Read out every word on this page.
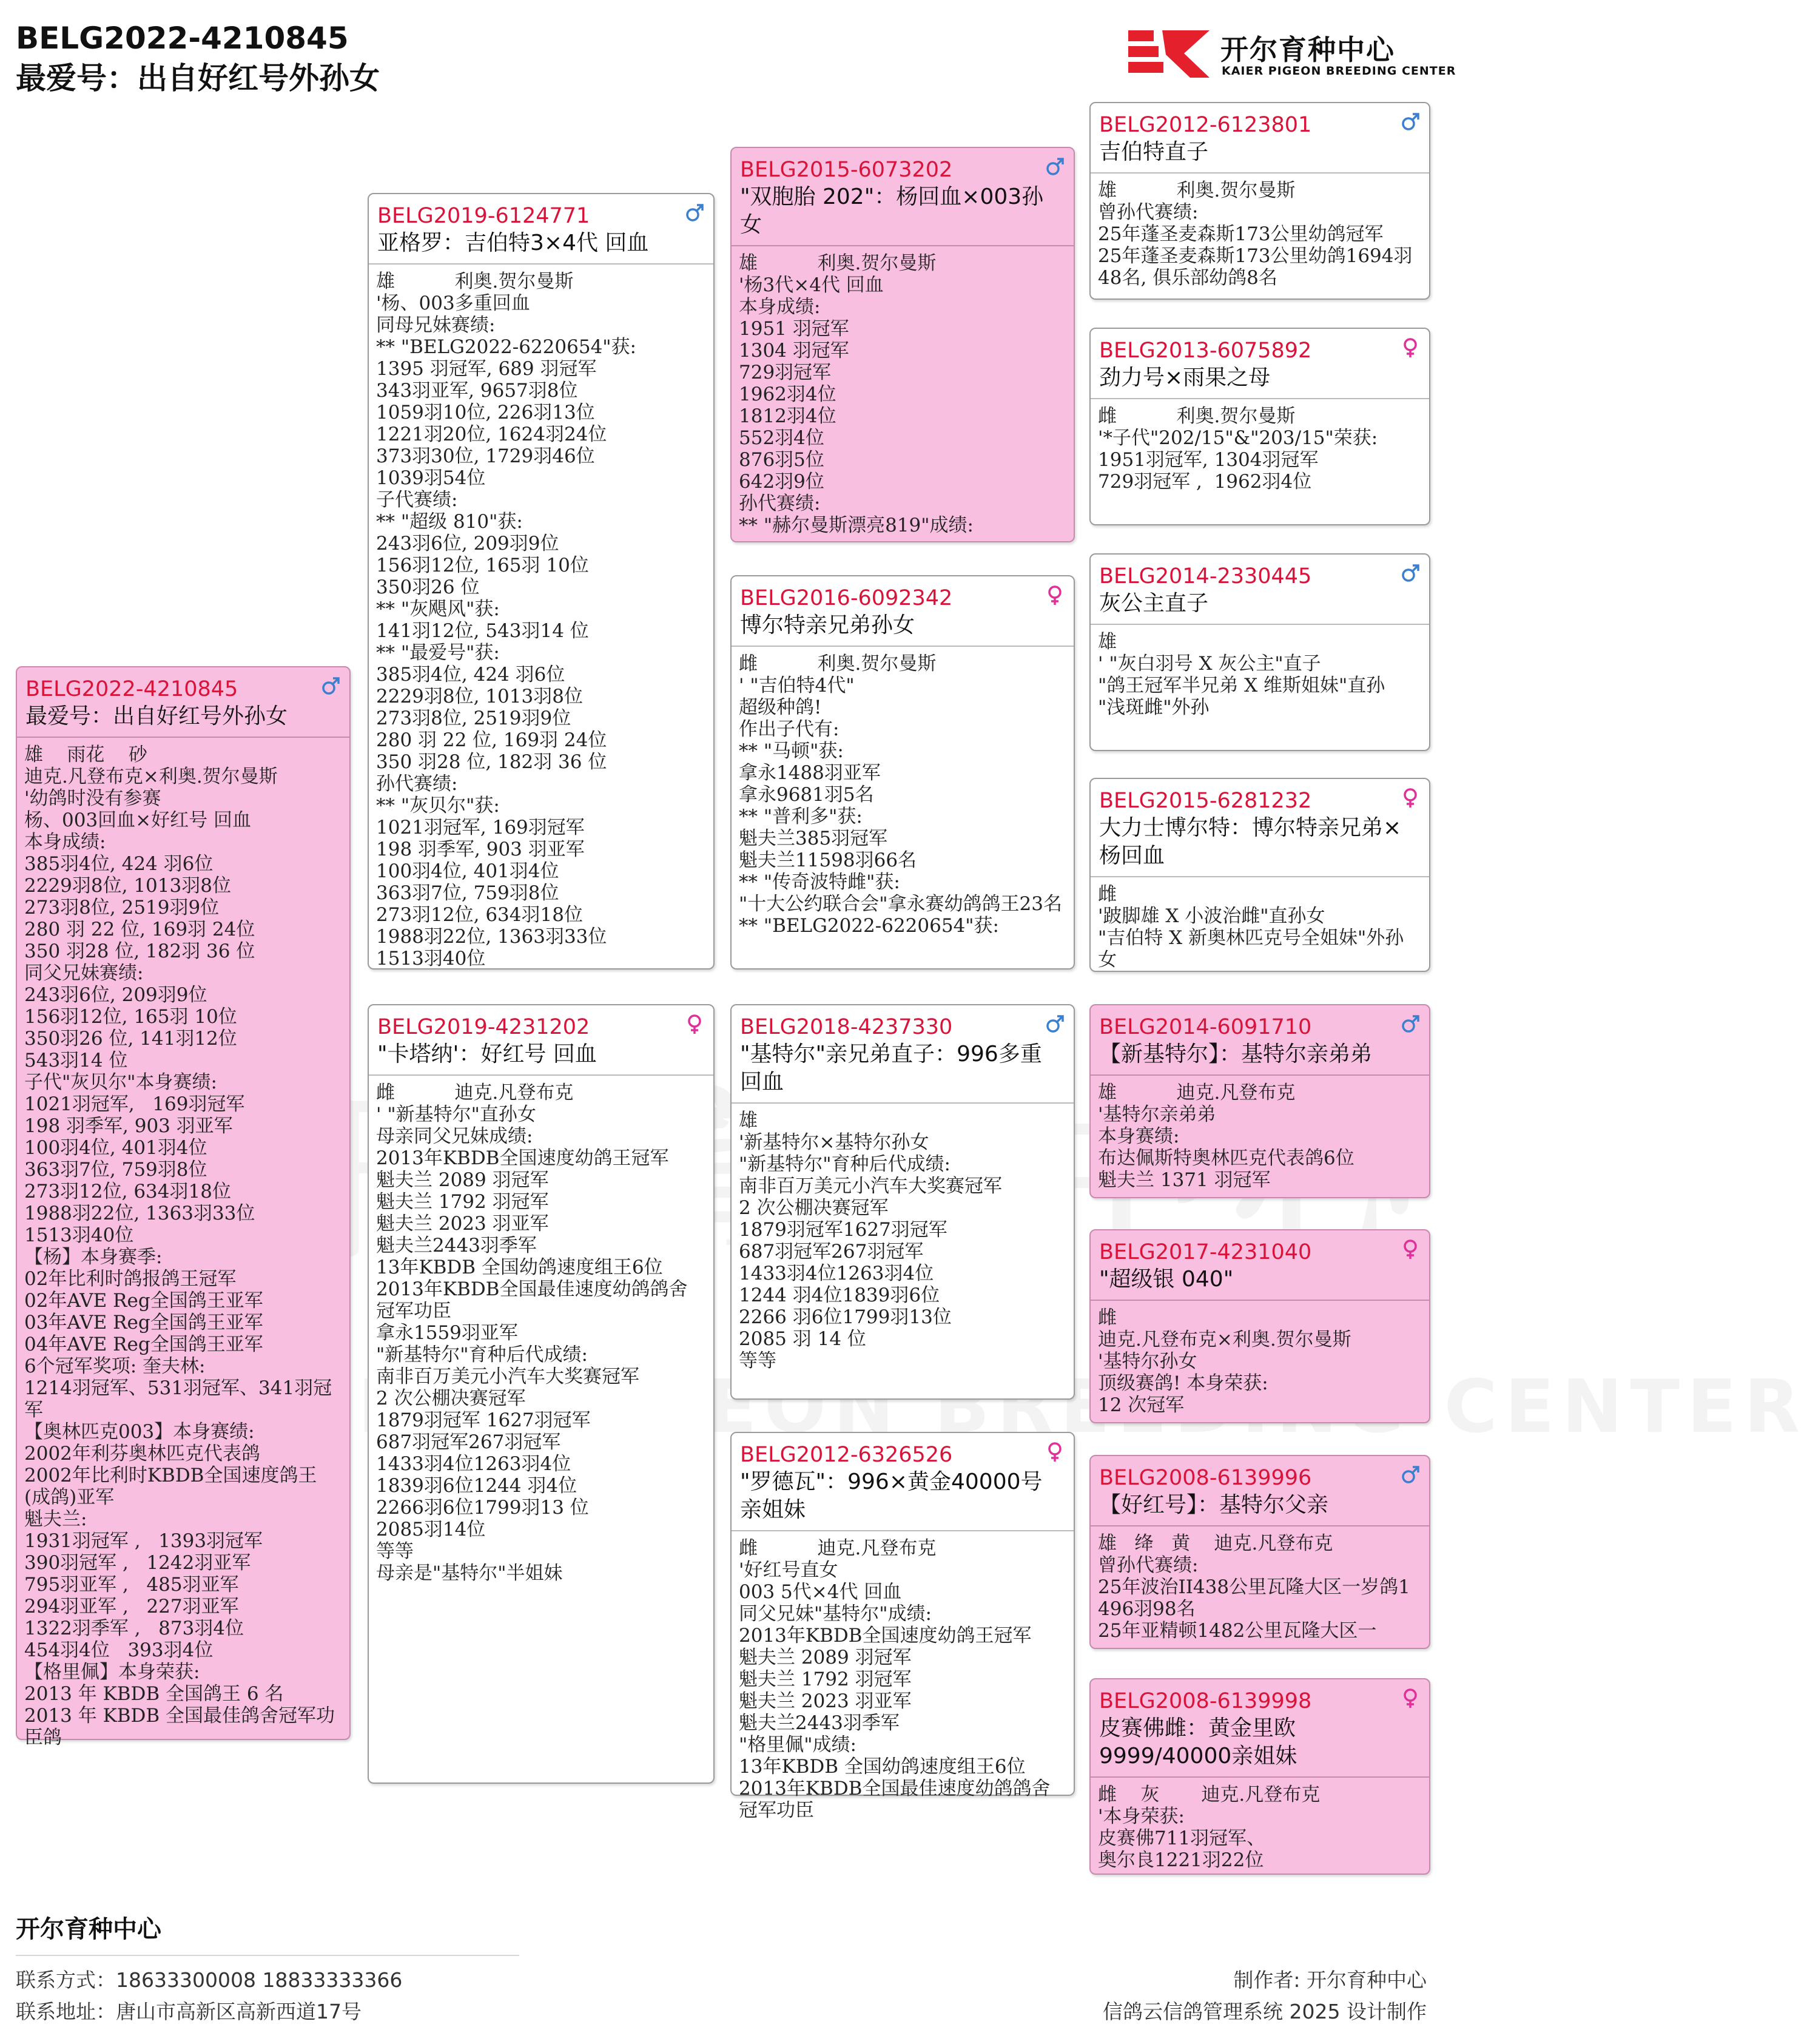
BELG2022-4210845
最爱号：出自好红号外孙女
开尔育种中心
KAIER PIGEON BREEDING CENTER
BELG2022-4210845
最爱号：出自好红号外孙女
雄    雨花    砂
迪克.凡登布克×利奥.贺尔曼斯
'幼鸽时没有参赛
杨、003回血×好红号 回血
本身成绩:
385羽4位, 424 羽6位
2229羽8位, 1013羽8位
273羽8位, 2519羽9位
280 羽 22 位, 169羽 24位
350 羽28 位, 182羽 36 位
同父兄妹赛绩:
243羽6位, 209羽9位
156羽12位, 165羽 10位
350羽26 位, 141羽12位
543羽14 位
子代"灰贝尔"本身赛绩:
1021羽冠军,   169羽冠军
198 羽季军, 903 羽亚军
100羽4位, 401羽4位
363羽7位, 759羽8位
273羽12位, 634羽18位
1988羽22位, 1363羽33位
1513羽40位
【杨】本身赛季:
02年比利时鸽报鸽王冠军
02年AVE Reg全国鸽王亚军
03年AVE Reg全国鸽王亚军
04年AVE Reg全国鸽王亚军
6个冠军奖项: 奎夫林:
1214羽冠军、531羽冠军、341羽冠军
【奥林匹克003】本身赛绩:
2002年利芬奥林匹克代表鸽
2002年比利时KBDB全国速度鸽王(成鸽)亚军
魁夫兰:
1931羽冠军 ,   1393羽冠军
390羽冠军 ,   1242羽亚军
795羽亚军 ,   485羽亚军
294羽亚军 ,   227羽亚军
1322羽季军 ,   873羽4位
454羽4位   393羽4位
【格里佩】本身荣获:
2013 年 KBDB 全国鸽王 6 名
2013 年 KBDB 全国最佳鸽舍冠军功臣鸽
BELG2019-6124771
亚格罗：吉伯特3×4代 回血
雄          利奥.贺尔曼斯
'杨、003多重回血
同母兄妹赛绩:
** "BELG2022-6220654"获:
1395 羽冠军, 689 羽冠军
343羽亚军, 9657羽8位
1059羽10位, 226羽13位
1221羽20位, 1624羽24位
373羽30位, 1729羽46位
1039羽54位
子代赛绩:
** "超级 810"获:
243羽6位, 209羽9位
156羽12位, 165羽 10位
350羽26 位
** "灰飓风"获:
141羽12位, 543羽14 位
** "最爱号"获:
385羽4位, 424 羽6位
2229羽8位, 1013羽8位
273羽8位, 2519羽9位
280 羽 22 位, 169羽 24位
350 羽28 位, 182羽 36 位
孙代赛绩:
** "灰贝尔"获:
1021羽冠军, 169羽冠军
198 羽季军, 903 羽亚军
100羽4位, 401羽4位
363羽7位, 759羽8位
273羽12位, 634羽18位
1988羽22位, 1363羽33位
1513羽40位
BELG2019-4231202
"卡塔纳'：好红号 回血
雌          迪克.凡登布克
' "新基特尔"直孙女
母亲同父兄妹成绩:
2013年KBDB全国速度幼鸽王冠军
魁夫兰 2089 羽冠军
魁夫兰 1792 羽冠军
魁夫兰 2023 羽亚军
魁夫兰2443羽季军
13年KBDB 全国幼鸽速度组王6位
2013年KBDB全国最佳速度幼鸽鸽舍冠军功臣
拿永1559羽亚军
"新基特尔"育种后代成绩:
南非百万美元小汽车大奖赛冠军
2 次公棚决赛冠军
1879羽冠军 1627羽冠军
687羽冠军267羽冠军
1433羽4位1263羽4位
1839羽6位1244 羽4位
2266羽6位1799羽13 位
2085羽14位
等等
母亲是"基特尔"半姐妹
BELG2015-6073202
"双胞胎 202"：杨回血×003孙女
雄          利奥.贺尔曼斯
'杨3代×4代 回血
本身成绩:
1951 羽冠军
1304 羽冠军
729羽冠军
1962羽4位
1812羽4位
552羽4位
876羽5位
642羽9位
孙代赛绩:
** "赫尔曼斯漂亮819"成绩:
BELG2016-6092342
博尔特亲兄弟孙女
雌          利奥.贺尔曼斯
' "吉伯特4代"
超级种鸽!
作出子代有:
** "马顿"获:
拿永1488羽亚军
拿永9681羽5名
** "普利多"获:
魁夫兰385羽冠军
魁夫兰11598羽66名
** "传奇波特雌"获:
"十大公约联合会"拿永赛幼鸽鸽王23名
** "BELG2022-6220654"获:
BELG2018-4237330
"基特尔"亲兄弟直子：996多重回血
雄
'新基特尔×基特尔孙女
"新基特尔"育种后代成绩:
南非百万美元小汽车大奖赛冠军
2 次公棚决赛冠军
1879羽冠军1627羽冠军
687羽冠军267羽冠军
1433羽4位1263羽4位
1244 羽4位1839羽6位
2266 羽6位1799羽13位
2085 羽 14 位
等等
BELG2012-6326526
"罗德瓦"：996×黄金40000号亲姐妹
雌          迪克.凡登布克
'好红号直女
003 5代×4代 回血
同父兄妹"基特尔"成绩:
2013年KBDB全国速度幼鸽王冠军
魁夫兰 2089 羽冠军
魁夫兰 1792 羽冠军
魁夫兰 2023 羽亚军
魁夫兰2443羽季军
"格里佩"成绩:
13年KBDB 全国幼鸽速度组王6位
2013年KBDB全国最佳速度幼鸽鸽舍冠军功臣
BELG2012-6123801
吉伯特直子
雄          利奥.贺尔曼斯
曾孙代赛绩:
25年蓬圣麦森斯173公里幼鸽冠军
25年蓬圣麦森斯173公里幼鸽1694羽48名, 俱乐部幼鸽8名
BELG2013-6075892
劲力号×雨果之母
雌          利奥.贺尔曼斯
'*子代"202/15"&"203/15"荣获:
1951羽冠军, 1304羽冠军
729羽冠军 ,  1962羽4位
BELG2014-2330445
灰公主直子
雄
' "灰白羽号 X 灰公主"直子
"鸽王冠军半兄弟 X 维斯姐妹"直孙
"浅斑雌"外孙
BELG2015-6281232
大力士博尔特：博尔特亲兄弟×杨回血
雌
'跛脚雄 X 小波治雌"直孙女
"吉伯特 X 新奥林匹克号全姐妹"外孙女
BELG2014-6091710
【新基特尔】：基特尔亲弟弟
雄          迪克.凡登布克
'基特尔亲弟弟
本身赛绩:
布达佩斯特奥林匹克代表鸽6位
魁夫兰 1371 羽冠军
BELG2017-4231040
"超级银 040"
雌
迪克.凡登布克×利奥.贺尔曼斯
'基特尔孙女
顶级赛鸽! 本身荣获:
12 次冠军
BELG2008-6139996
【好红号】：基特尔父亲
雄   绛   黄    迪克.凡登布克
曾孙代赛绩:
25年波治II438公里瓦隆大区一岁鸽1496羽98名
25年亚精顿1482公里瓦隆大区一
BELG2008-6139998
皮赛佛雌：黄金里欧9999/40000亲姐妹
雌    灰       迪克.凡登布克
'本身荣获:
皮赛佛711羽冠军、
奥尔良1221羽22位
开尔育种中心
联系方式：18633300008 18833333366
联系地址：唐山市高新区高新西道17号
制作者: 开尔育种中心
信鸽云信鸽管理系统 2025 设计制作
